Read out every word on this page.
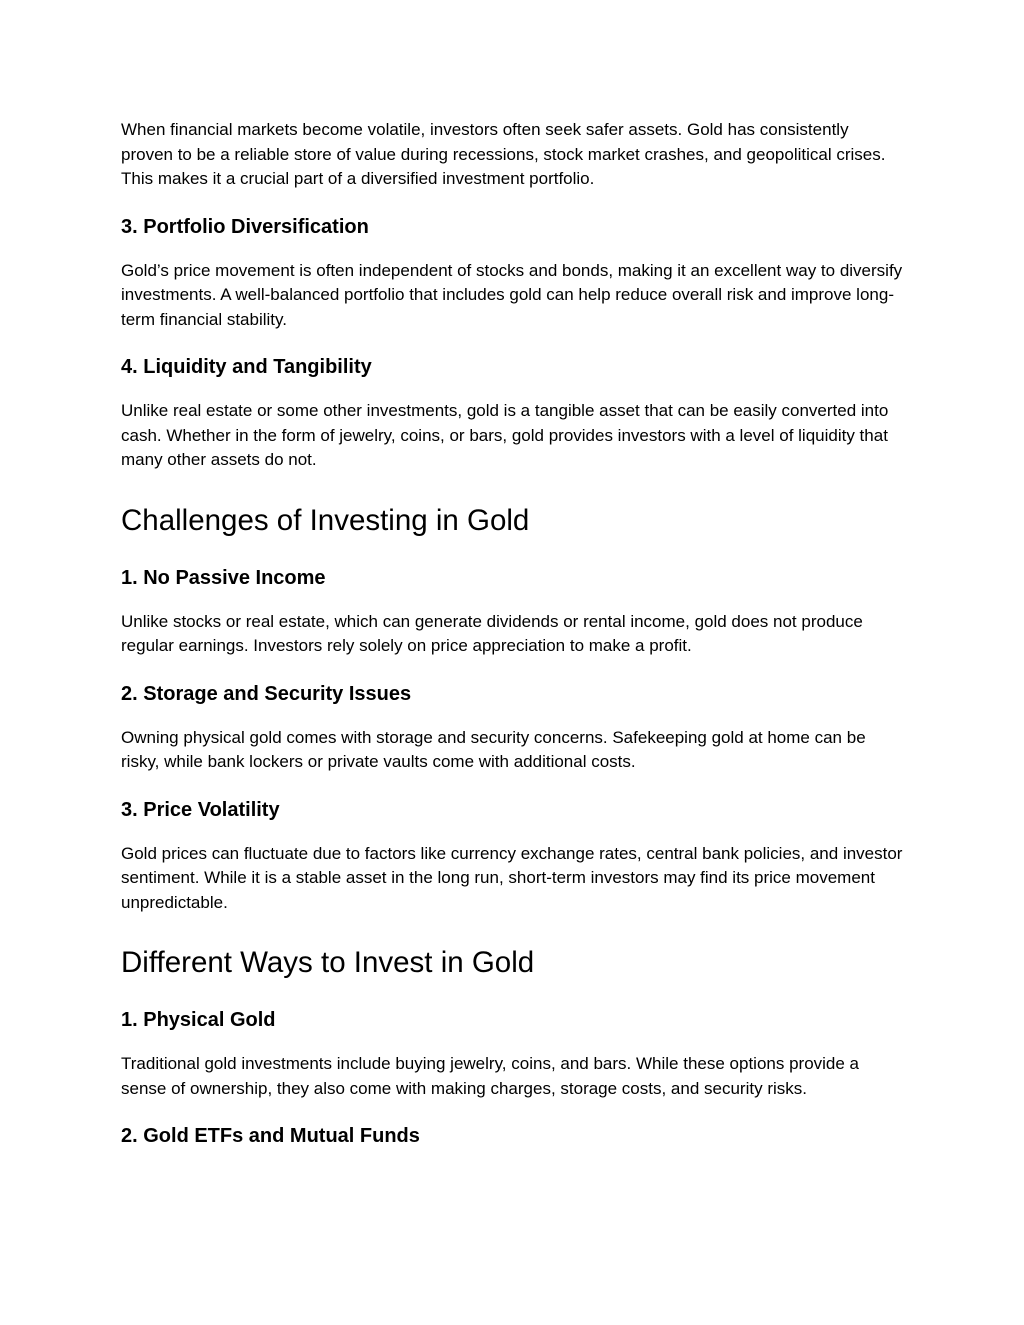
When financial markets become volatile, investors often seek safer assets. Gold has consistently proven to be a reliable store of value during recessions, stock market crashes, and geopolitical crises. This makes it a crucial part of a diversified investment portfolio.

3. Portfolio Diversification

Gold’s price movement is often independent of stocks and bonds, making it an excellent way to diversify investments. A well-balanced portfolio that includes gold can help reduce overall risk and improve long-term financial stability.

4. Liquidity and Tangibility

Unlike real estate or some other investments, gold is a tangible asset that can be easily converted into cash. Whether in the form of jewelry, coins, or bars, gold provides investors with a level of liquidity that many other assets do not.

Challenges of Investing in Gold
1. No Passive Income

Unlike stocks or real estate, which can generate dividends or rental income, gold does not produce regular earnings. Investors rely solely on price appreciation to make a profit.

2. Storage and Security Issues

Owning physical gold comes with storage and security concerns. Safekeeping gold at home can be risky, while bank lockers or private vaults come with additional costs.

3. Price Volatility

Gold prices can fluctuate due to factors like currency exchange rates, central bank policies, and investor sentiment. While it is a stable asset in the long run, short-term investors may find its price movement unpredictable.

Different Ways to Invest in Gold
1. Physical Gold

Traditional gold investments include buying jewelry, coins, and bars. While these options provide a sense of ownership, they also come with making charges, storage costs, and security risks.

2. Gold ETFs and Mutual Funds
